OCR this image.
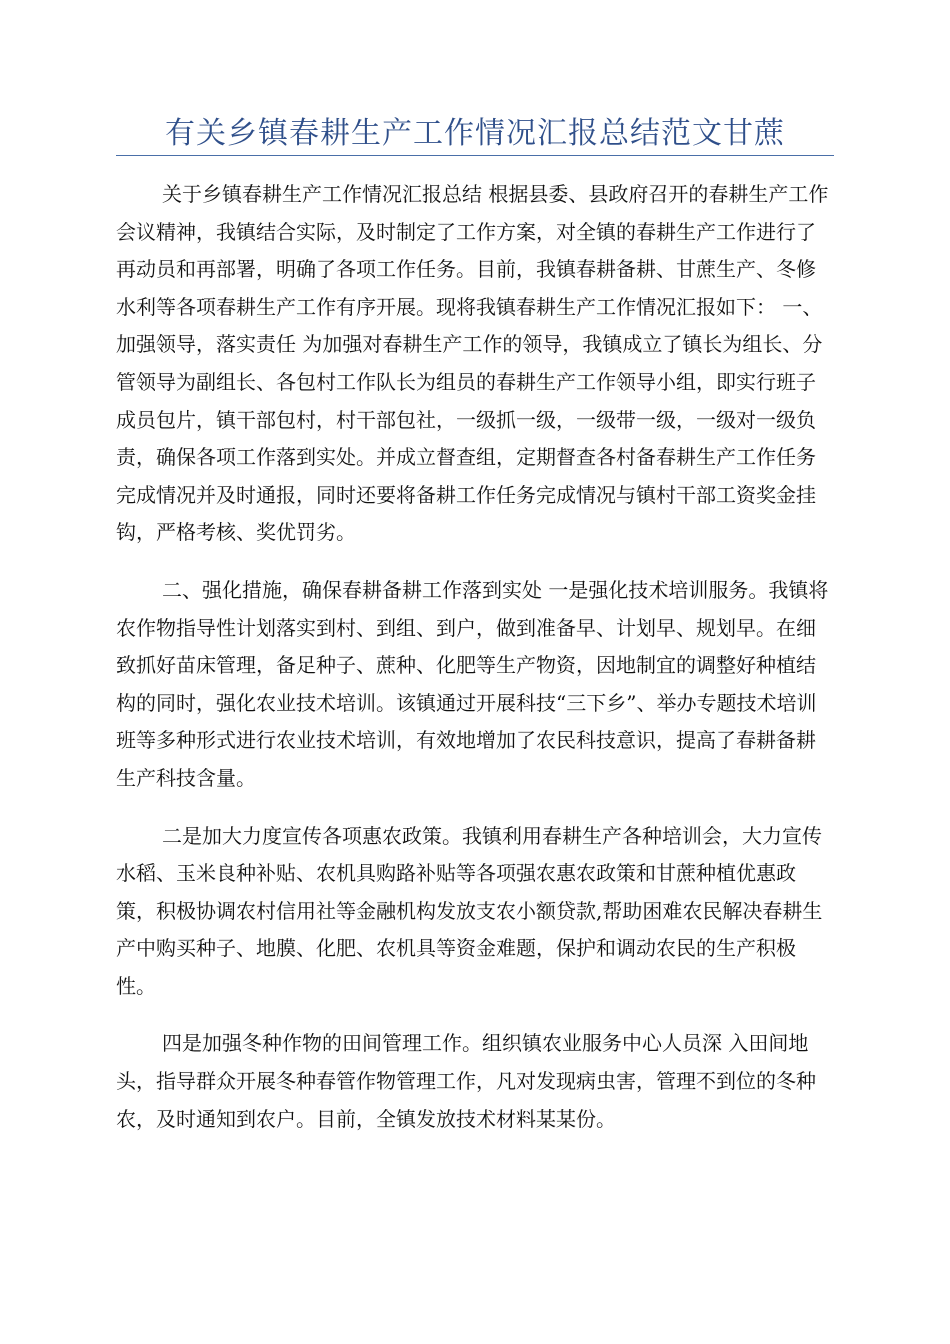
有关乡镇春耕生产工作情况汇报总结范文甘蔗

关于乡镇春耕生产工作情况汇报总结 根据县委、县政府召开的春耕生产工作会议精神，我镇结合实际，及时制定了工作方案，对全镇的春耕生产工作进行了再动员和再部署，明确了各项工作任务。目前，我镇春耕备耕、甘蔗生产、冬修水利等各项春耕生产工作有序开展。现将我镇春耕生产工作情况汇报如下： 一、加强领导，落实责任 为加强对春耕生产工作的领导，我镇成立了镇长为组长、分管领导为副组长、各包村工作队长为组员的春耕生产工作领导小组，即实行班子成员包片，镇干部包村，村干部包社，一级抓一级，一级带一级，一级对一级负责，确保各项工作落到实处。并成立督查组，定期督查各村备春耕生产工作任务完成情况并及时通报，同时还要将备耕工作任务完成情况与镇村干部工资奖金挂钩，严格考核、奖优罚劣。

二、强化措施，确保春耕备耕工作落到实处 一是强化技术培训服务。我镇将农作物指导性计划落实到村、到组、到户，做到准备早、计划早、规划早。在细致抓好苗床管理，备足种子、蔗种、化肥等生产物资，因地制宜的调整好种植结构的同时，强化农业技术培训。该镇通过开展科技“三下乡”、举办专题技术培训班等多种形式进行农业技术培训，有效地增加了农民科技意识，提高了春耕备耕生产科技含量。

二是加大力度宣传各项惠农政策。我镇利用春耕生产各种培训会，大力宣传水稻、玉米良种补贴、农机具购路补贴等各项强农惠农政策和甘蔗种植优惠政策，积极协调农村信用社等金融机构发放支农小额贷款,帮助困难农民解决春耕生产中购买种子、地膜、化肥、农机具等资金难题，保护和调动农民的生产积极性。

四是加强冬种作物的田间管理工作。组织镇农业服务中心人员深 入田间地头，指导群众开展冬种春管作物管理工作，凡对发现病虫害，管理不到位的冬种农，及时通知到农户。目前，全镇发放技术材料某某份。
